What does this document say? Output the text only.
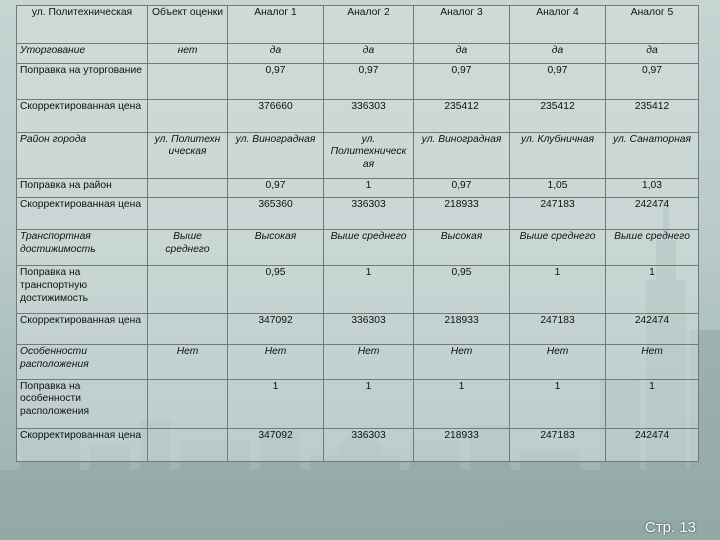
ул. Политехническая	Объект оценки	Аналог 1	Аналог 2	Аналог 3	Аналог 4	Аналог 5
Уторгование	нет	да	да	да	да	да
Поправка на уторгование		0,97	0,97	0,97	0,97	0,97
Скорректированная цена		376660	336303	235412	235412	235412
Район города	ул. Политехн ическая	ул. Виноградная	ул. Политехническ ая	ул. Виноградная	ул. Клубничная	ул. Санаторная
Поправка на район		0,97	1	0,97	1,05	1,03
Скорректированная цена		365360	336303	218933	247183	242474
Транспортная достижимость	Выше среднего	Высокая	Выше среднего	Высокая	Выше среднего	Выше среднего
Поправка на транспортную достижимость		0,95	1	0,95	1	1
Скорректированная цена		347092	336303	218933	247183	242474
Особенности расположения	Нет	Нет	Нет	Нет	Нет	Нет
Поправка на особенности расположения		1	1	1	1	1
Скорректированная цена		347092	336303	218933	247183	242474
Стр. 13
